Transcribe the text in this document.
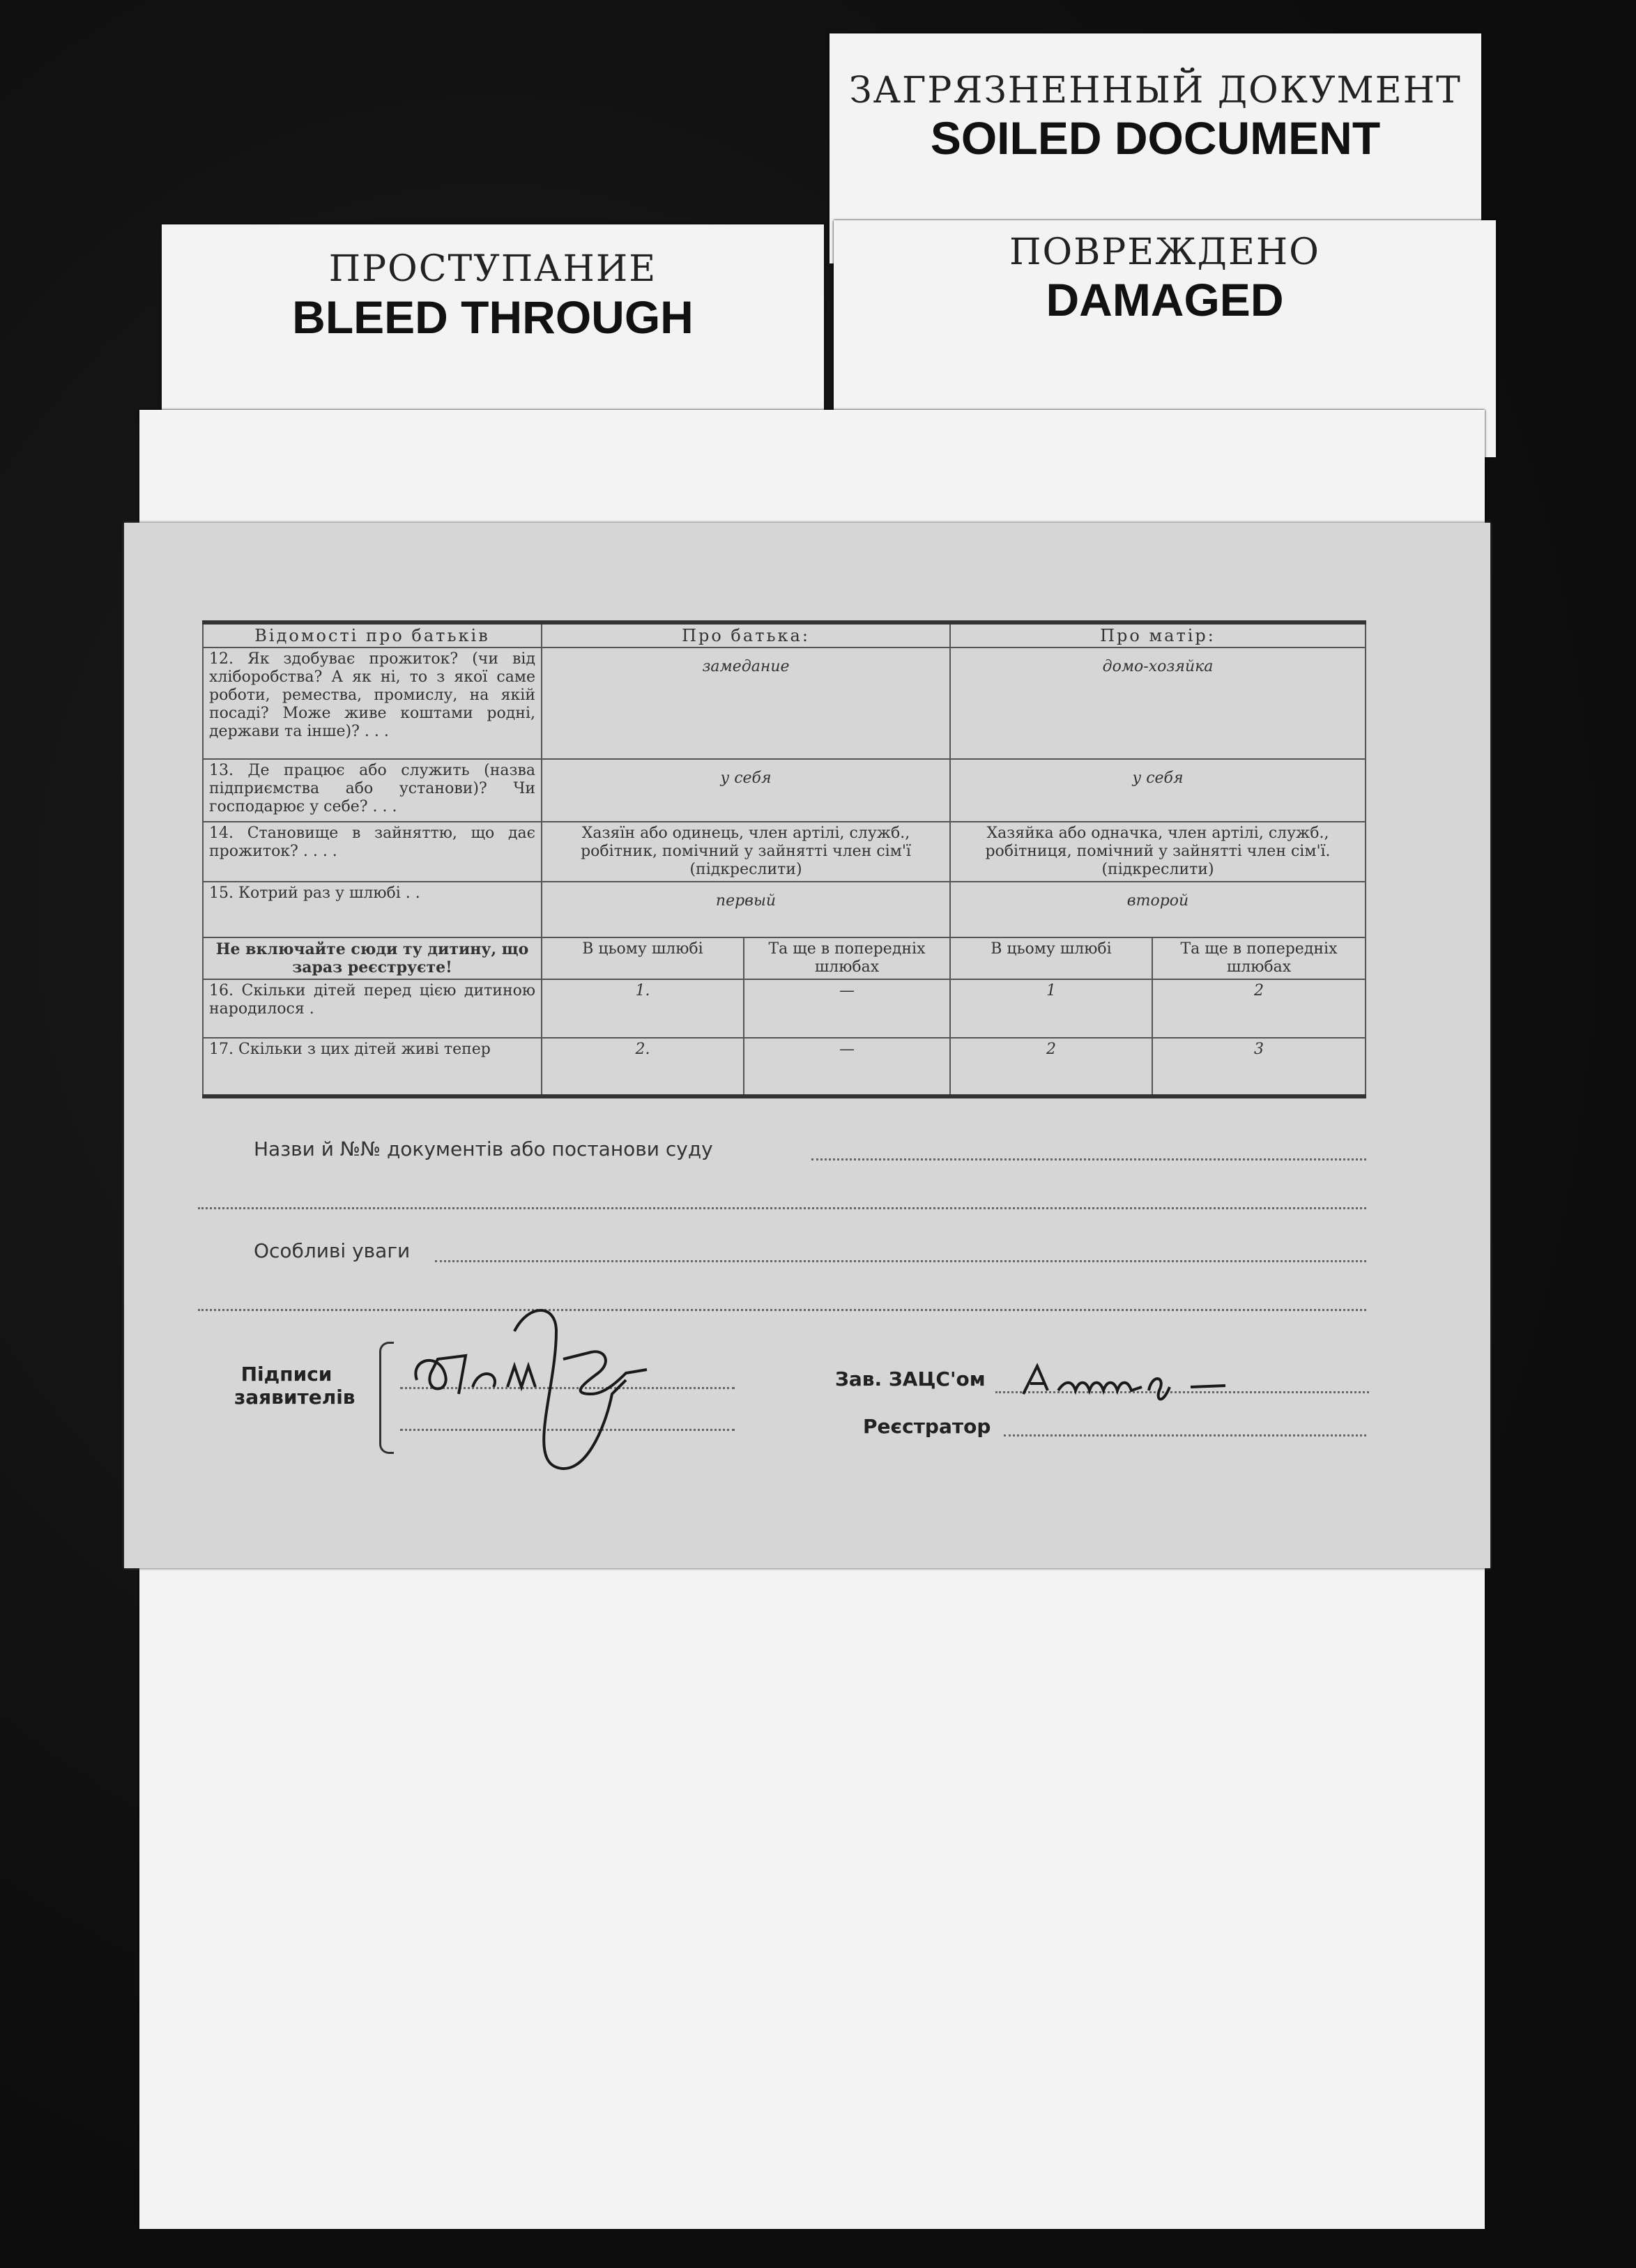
ЗАГРЯЗНЕННЫЙ ДОКУМЕНТ
SOILED DOCUMENT
ПРОСТУПАНИЕ
BLEED THROUGH
ПОВРЕЖДЕНО
DAMAGED
Відомості про батьків	Про батька:		Про матір:	
12. Як здобуває прожиток? (чи від хліборобства? А як ні, то з якої саме роботи, ремества, промислу, на якій посаді? Може живе коштами родні, держави та інше)? . . .	замедание		домо-хозяйка	
13. Де працює або служить (назва підприємства або установи)? Чи господарює у себе? . . .	у себя		у себя	
14. Становище в зайняттю, що дає прожиток? . . . .	Хазяїн або одинець, член артілі, служб., робітник, помічний у зайнятті член сім'ї (підкреслити)		Хазяйка або одначка, член артілі, служб., робітниця, помічний у зайнятті член сім'ї. (підкреслити)	
15. Котрий раз у шлюбі . .	первый		второй	
Не включайте сюди ту дитину, що зараз реєструєте!	В цьому шлюбі	Та ще в попередніх шлюбах	В цьому шлюбі	Та ще в попередніх шлюбах
16. Скільки дітей перед цією дитиною народилося .	1.	—	1	2
17. Скільки з цих дітей живі тепер	2.	—	2	3
Назви й №№ документів або постанови суду
Особливі уваги
Підписи
заявителів
Зав. ЗАЦС'ом
Реєстратор
